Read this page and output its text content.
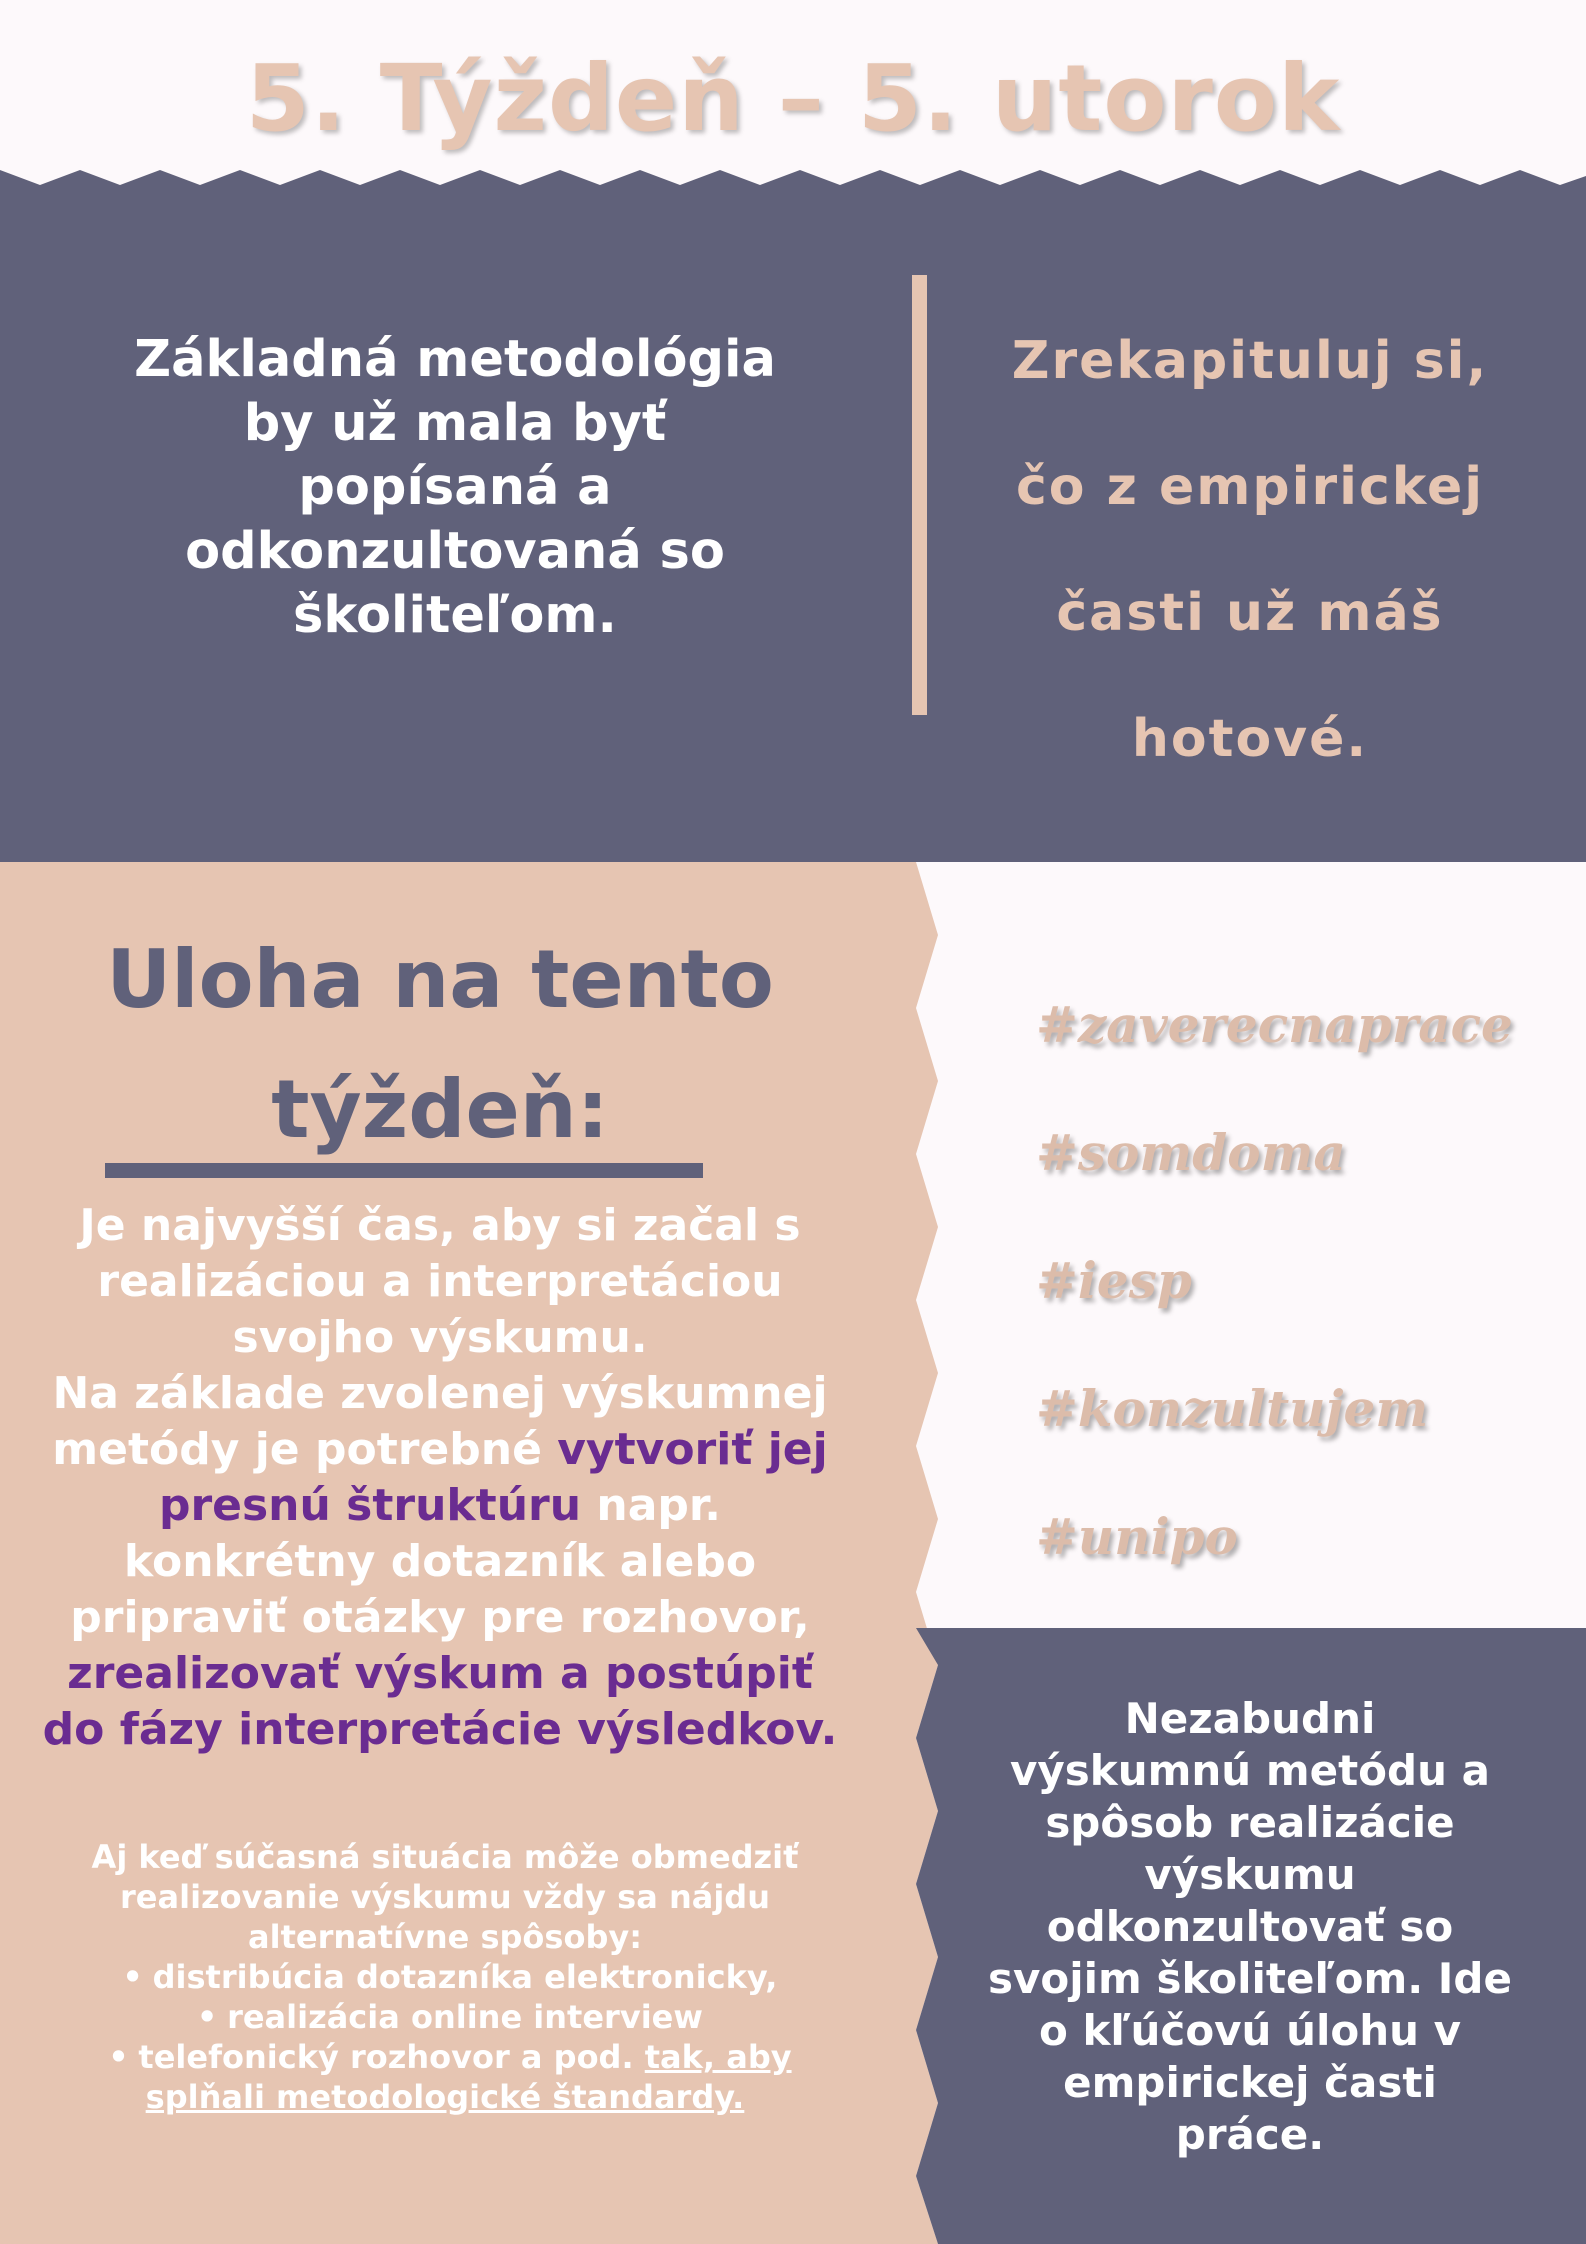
5. Týždeň – 5. utorok
Základná metodológia
by už mala byť
popísaná a
odkonzultovaná so
školiteľom.
Zrekapituluj si,
čo z empirickej
časti už máš
hotové.
Uloha na tento
týždeň:
Je najvyšší čas, aby si začal s
realizáciou a interpretáciou
svojho výskumu.
Na základe zvolenej výskumnej
metódy je potrebné vytvoriť jej
presnú štruktúru napr.
konkrétny dotazník alebo
pripraviť otázky pre rozhovor,
zrealizovať výskum a postúpiť
do fázy interpretácie výsledkov.
Aj keď súčasná situácia môže obmedziť
realizovanie výskumu vždy sa nájdu
alternatívne spôsoby:
• distribúcia dotazníka elektronicky,
• realizácia online interview
• telefonický rozhovor a pod. tak, aby
splňali metodologické štandardy.
#zaverecnaprace
#somdoma
#iesp
#konzultujem
#unipo
Nezabudni
výskumnú metódu a
spôsob realizácie
výskumu
odkonzultovať so
svojim školiteľom. Ide
o kľúčovú úlohu v
empirickej časti
práce.
